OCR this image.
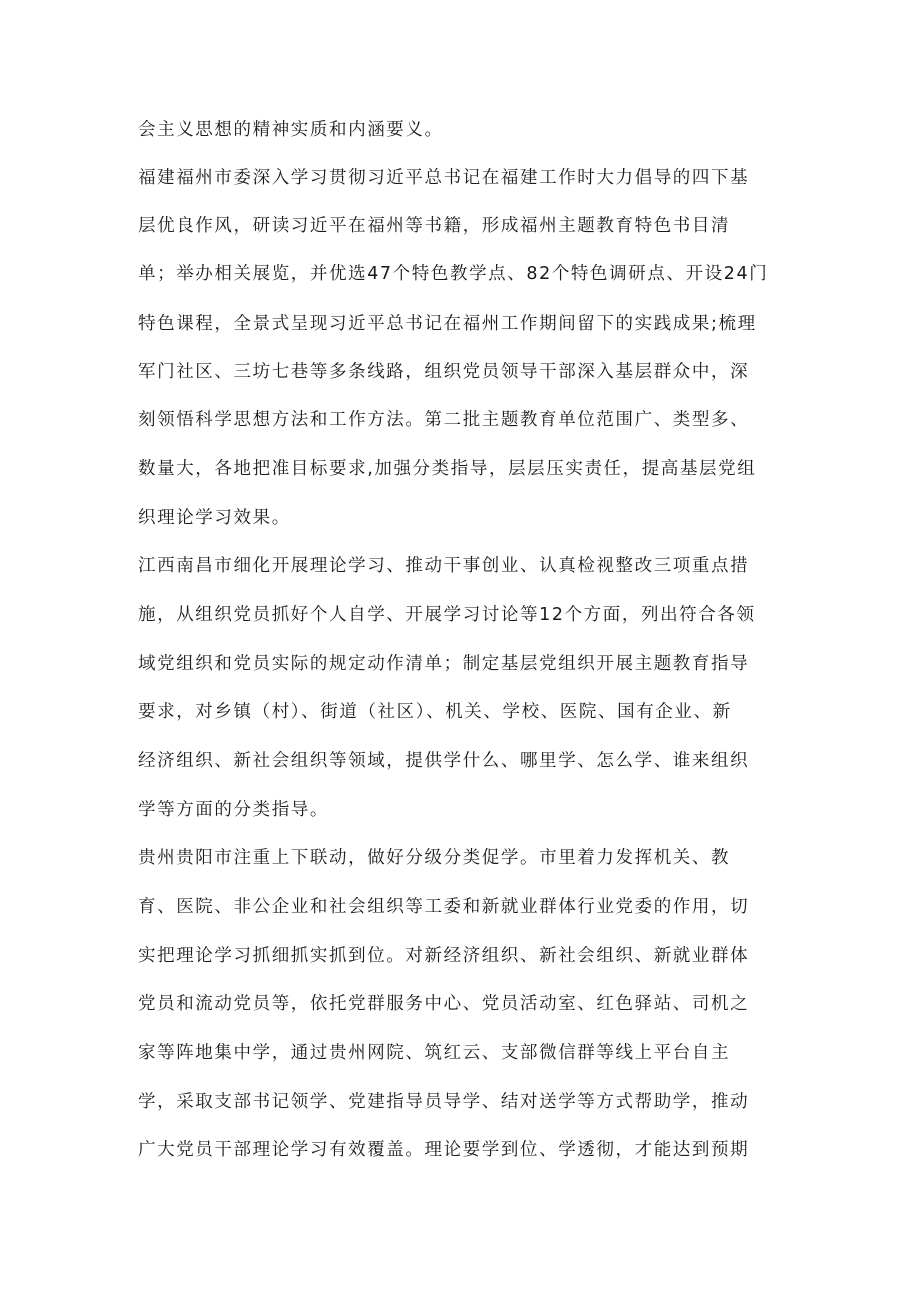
会主义思想的精神实质和内涵要义。
福建福州市委深入学习贯彻习近平总书记在福建工作时大力倡导的四下基
层优良作风，研读习近平在福州等书籍，形成福州主题教育特色书目清
单；举办相关展览，并优选47个特色教学点、82个特色调研点、开设24门
特色课程，全景式呈现习近平总书记在福州工作期间留下的实践成果;梳理
军门社区、三坊七巷等多条线路，组织党员领导干部深入基层群众中，深
刻领悟科学思想方法和工作方法。第二批主题教育单位范围广、类型多、
数量大，各地把准目标要求,加强分类指导，层层压实责任，提高基层党组
织理论学习效果。
江西南昌市细化开展理论学习、推动干事创业、认真检视整改三项重点措
施，从组织党员抓好个人自学、开展学习讨论等12个方面，列出符合各领
域党组织和党员实际的规定动作清单；制定基层党组织开展主题教育指导
要求，对乡镇（村）、街道（社区）、机关、学校、医院、国有企业、新
经济组织、新社会组织等领域，提供学什么、哪里学、怎么学、谁来组织
学等方面的分类指导。
贵州贵阳市注重上下联动，做好分级分类促学。市里着力发挥机关、教
育、医院、非公企业和社会组织等工委和新就业群体行业党委的作用，切
实把理论学习抓细抓实抓到位。对新经济组织、新社会组织、新就业群体
党员和流动党员等，依托党群服务中心、党员活动室、红色驿站、司机之
家等阵地集中学，通过贵州网院、筑红云、支部微信群等线上平台自主
学，采取支部书记领学、党建指导员导学、结对送学等方式帮助学，推动
广大党员干部理论学习有效覆盖。理论要学到位、学透彻，才能达到预期
